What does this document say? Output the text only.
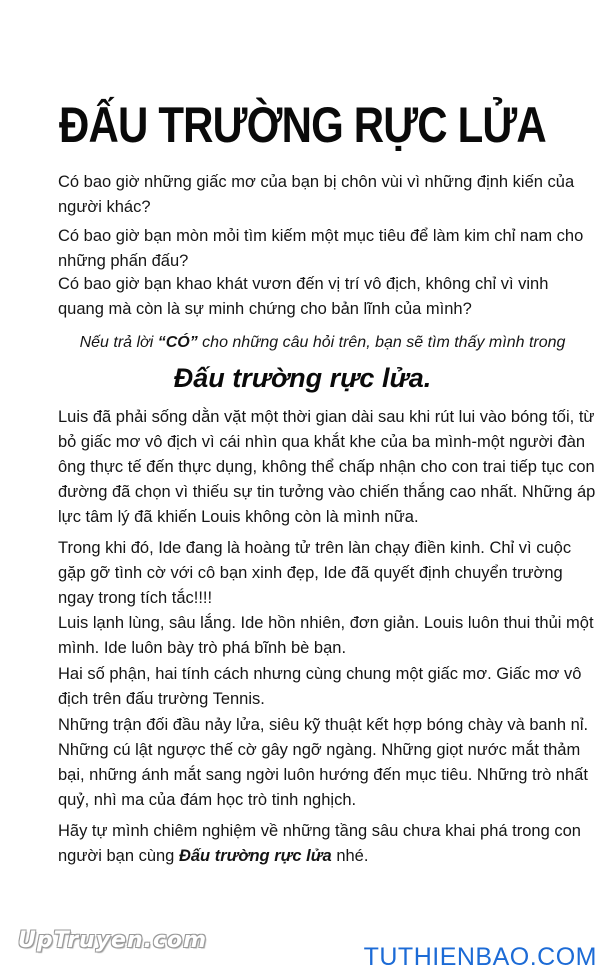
ĐẤU TRƯỜNG RỰC LỬA

Có bao giờ những giấc mơ của bạn bị chôn vùi vì những định kiến của người khác?

Có bao giờ bạn mòn mỏi tìm kiếm một mục tiêu để làm kim chỉ nam cho những phấn đấu?

Có bao giờ bạn khao khát vươn đến vị trí vô địch, không chỉ vì vinh quang mà còn là sự minh chứng cho bản lĩnh của mình?

Nếu trả lời “CÓ” cho những câu hỏi trên, bạn sẽ tìm thấy mình trong

Đấu trường rực lửa.

Luis đã phải sống dằn vặt một thời gian dài sau khi rút lui vào bóng tối, từ bỏ giấc mơ vô địch vì cái nhìn qua khắt khe của ba mình-một người đàn ông thực tế đến thực dụng, không thể chấp nhận cho con trai tiếp tục con đường đã chọn vì thiếu sự tin tưởng vào chiến thắng cao nhất. Những áp lực tâm lý đã khiến Louis không còn là mình nữa.

Trong khi đó, Ide đang là hoàng tử trên làn chạy điền kinh. Chỉ vì cuộc gặp gỡ tình cờ với cô bạn xinh đẹp, Ide đã quyết định chuyển trường ngay trong tích tắc!!!!

Luis lạnh lùng, sâu lắng. Ide hồn nhiên, đơn giản. Louis luôn thui thủi một mình. Ide luôn bày trò phá bĩnh bè bạn.

Hai số phận, hai tính cách nhưng cùng chung một giấc mơ. Giấc mơ vô địch trên đấu trường Tennis.

Những trận đối đầu nảy lửa, siêu kỹ thuật kết hợp bóng chày và banh nỉ. Những cú lật ngược thế cờ gây ngỡ ngàng. Những giọt nước mắt thảm bại, những ánh mắt sang ngời luôn hướng đến mục tiêu. Những trò nhất quỷ, nhì ma của đám học trò tinh nghịch.

Hãy tự mình chiêm nghiệm về những tầng sâu chưa khai phá trong con người bạn cùng Đấu trường rực lửa nhé.

UpTruyen.com
TUTHIENBAO.COM
